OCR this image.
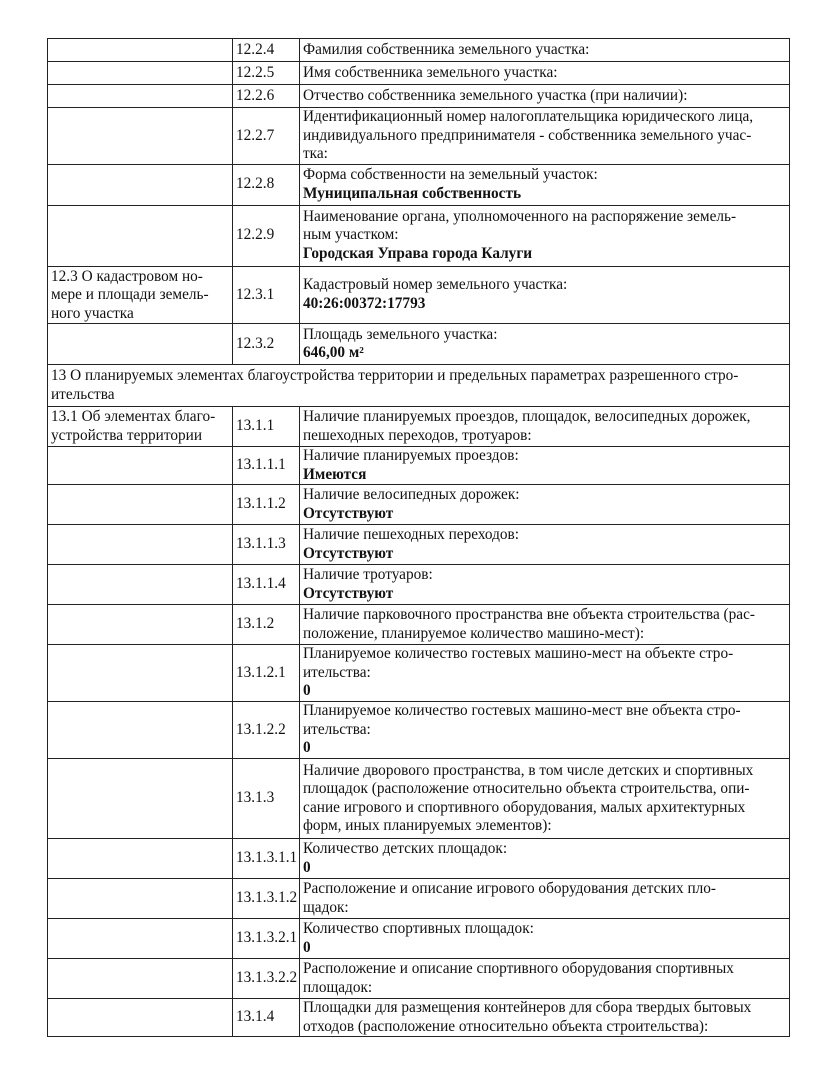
	12.2.4	Фамилия собственника земельного участка:

	12.2.5	Имя собственника земельного участка:

	12.2.6	Отчество собственника земельного участка (при наличии):

	12.2.7	Идентификационный номер налогоплательщика юридического лица,
индивидуального предпринимателя - собственника земельного учас-
тка:

	12.2.8	Форма собственности на земельный участок:
Муниципальная собственность

	12.2.9	Наименование органа, уполномоченного на распоряжение земель-
ным участком:
Городская Управа города Калуги

12.3 О кадастровом но-
мере и площади земель-
ного участка	12.3.1	Кадастровый номер земельного участка:
40:26:00372:17793

	12.3.2	Площадь земельного участка:
646,00 м²

13 О планируемых элементах благоустройства территории и предельных параметрах разрешенного стро-
ительства		

13.1 Об элементах благо-
устройства территории	13.1.1	Наличие планируемых проездов, площадок, велосипедных дорожек,
пешеходных переходов, тротуаров:

	13.1.1.1	Наличие планируемых проездов:
Имеются

	13.1.1.2	Наличие велосипедных дорожек:
Отсутствуют

	13.1.1.3	Наличие пешеходных переходов:
Отсутствуют

	13.1.1.4	Наличие тротуаров:
Отсутствуют

	13.1.2	Наличие парковочного пространства вне объекта строительства (рас-
положение, планируемое количество машино-мест):

	13.1.2.1	Планируемое количество гостевых машино-мест на объекте стро-
ительства:
0

	13.1.2.2	Планируемое количество гостевых машино-мест вне объекта стро-
ительства:
0

	13.1.3	Наличие дворового пространства, в том числе детских и спортивных
площадок (расположение относительно объекта строительства, опи-
сание игрового и спортивного оборудования, малых архитектурных
форм, иных планируемых элементов):

	13.1.3.1.1	Количество детских площадок:
0

	13.1.3.1.2	Расположение и описание игрового оборудования детских пло-
щадок:

	13.1.3.2.1	Количество спортивных площадок:
0

	13.1.3.2.2	Расположение и описание спортивного оборудования спортивных
площадок:

	13.1.4	Площадки для размещения контейнеров для сбора твердых бытовых
отходов (расположение относительно объекта строительства):
